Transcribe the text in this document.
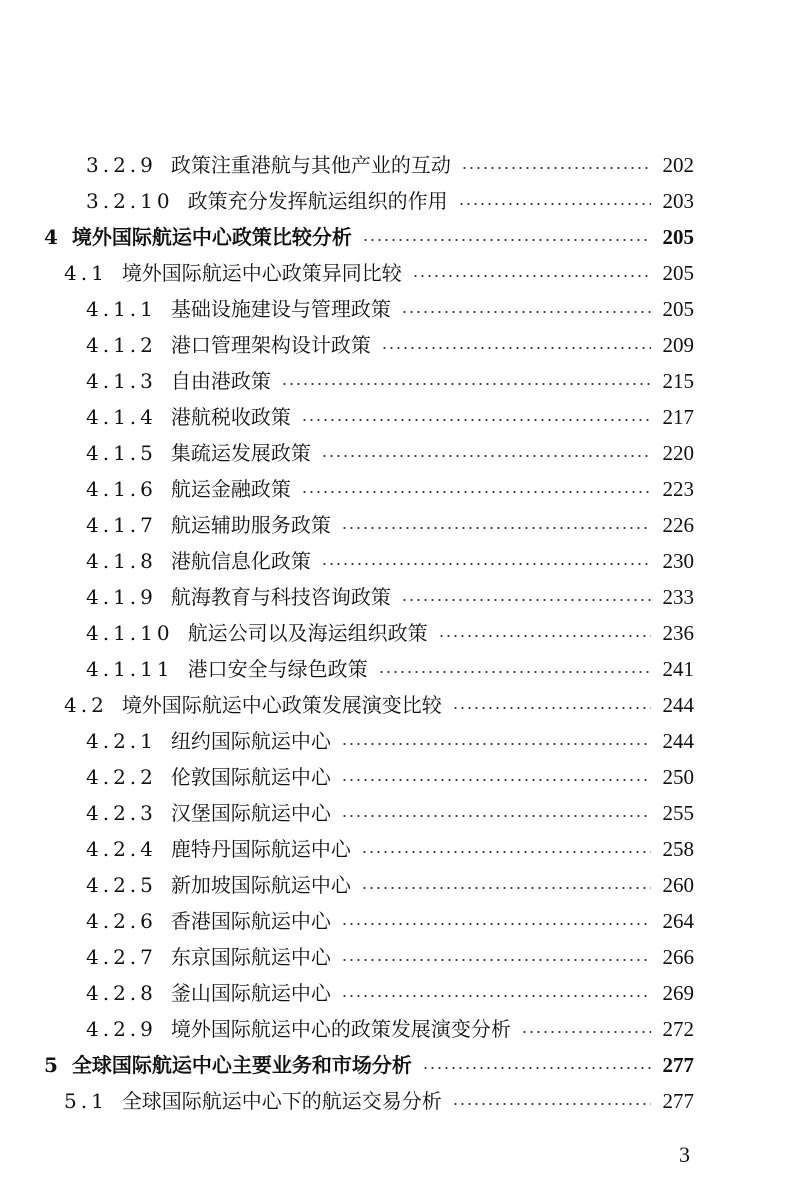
3.2.9 政策注重港航与其他产业的互动	202
3.2.10 政策充分发挥航运组织的作用	203
4 境外国际航运中心政策比较分析	205
4.1 境外国际航运中心政策异同比较	205
4.1.1 基础设施建设与管理政策	205
4.1.2 港口管理架构设计政策	209
4.1.3 自由港政策	215
4.1.4 港航税收政策	217
4.1.5 集疏运发展政策	220
4.1.6 航运金融政策	223
4.1.7 航运辅助服务政策	226
4.1.8 港航信息化政策	230
4.1.9 航海教育与科技咨询政策	233
4.1.10 航运公司以及海运组织政策	236
4.1.11 港口安全与绿色政策	241
4.2 境外国际航运中心政策发展演变比较	244
4.2.1 纽约国际航运中心	244
4.2.2 伦敦国际航运中心	250
4.2.3 汉堡国际航运中心	255
4.2.4 鹿特丹国际航运中心	258
4.2.5 新加坡国际航运中心	260
4.2.6 香港国际航运中心	264
4.2.7 东京国际航运中心	266
4.2.8 釜山国际航运中心	269
4.2.9 境外国际航运中心的政策发展演变分析	272
5 全球国际航运中心主要业务和市场分析	277
5.1 全球国际航运中心下的航运交易分析	277
3
